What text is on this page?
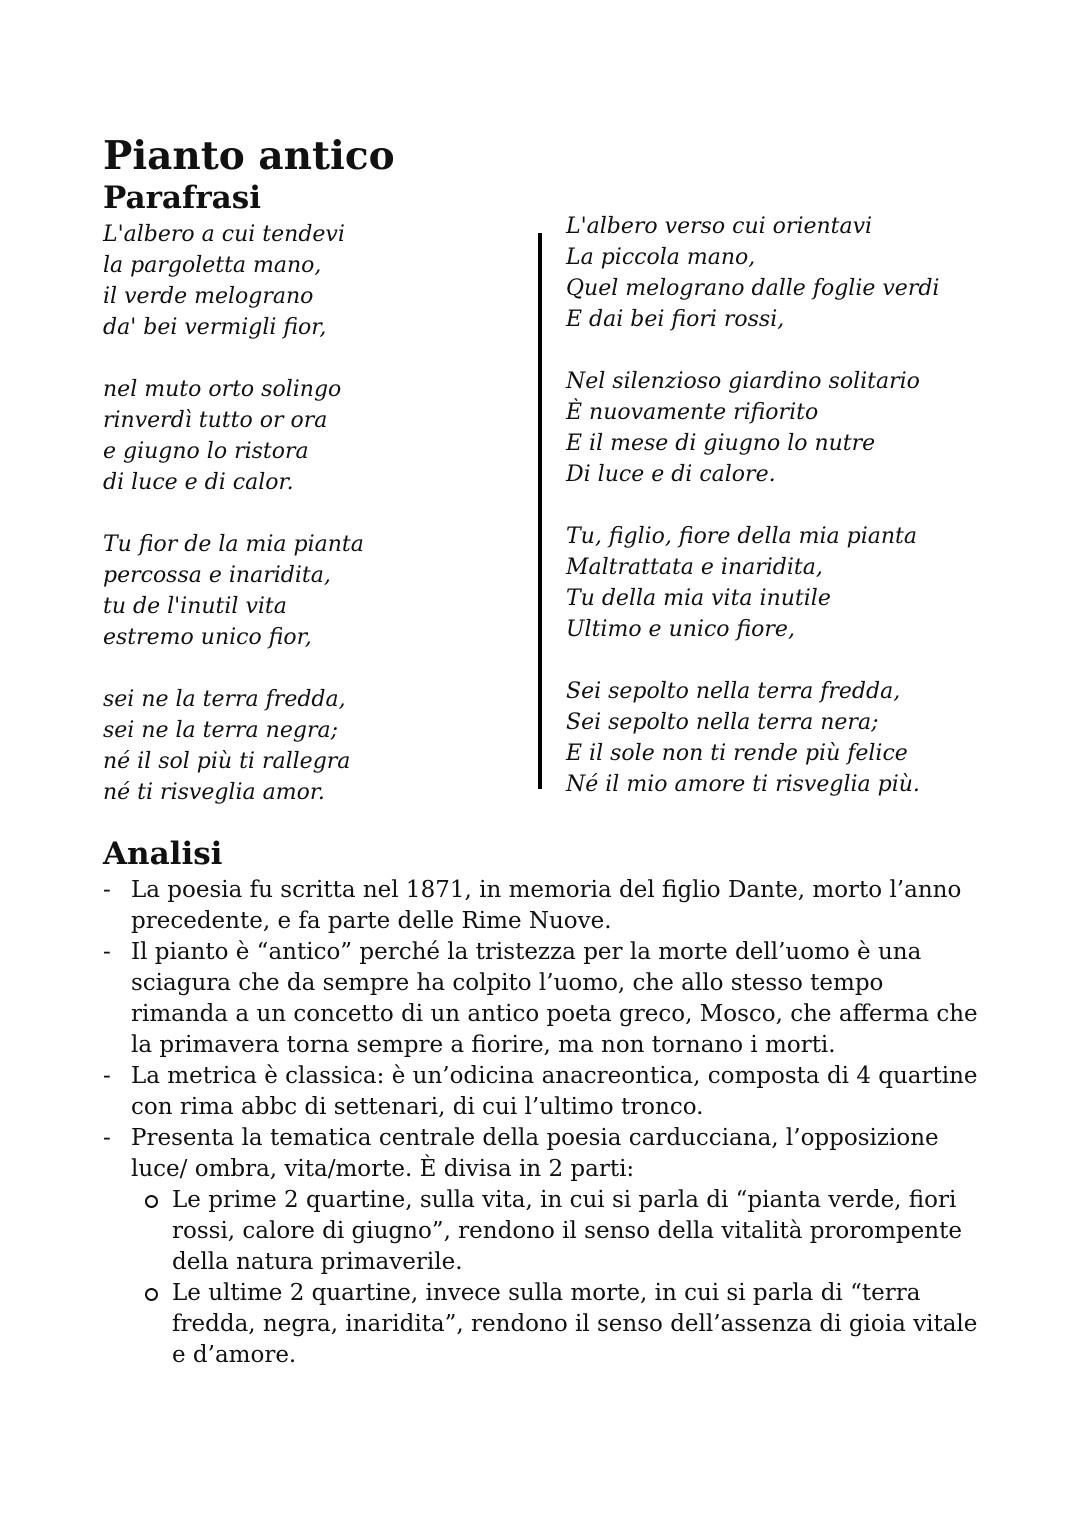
Pianto antico
Parafrasi

L'albero a cui tendevi
la pargoletta mano,
il verde melograno
da' bei vermigli fior,

nel muto orto solingo
rinverdì tutto or ora
e giugno lo ristora
di luce e di calor.

Tu fior de la mia pianta
percossa e inaridita,
tu de l'inutil vita
estremo unico fior,

sei ne la terra fredda,
sei ne la terra negra;
né il sol più ti rallegra
né ti risveglia amor.

L'albero verso cui orientavi
La piccola mano,
Quel melograno dalle foglie verdi
E dai bei fiori rossi,

Nel silenzioso giardino solitario
È nuovamente rifiorito
E il mese di giugno lo nutre
Di luce e di calore.

Tu, figlio, fiore della mia pianta
Maltrattata e inaridita,
Tu della mia vita inutile
Ultimo e unico fiore,

Sei sepolto nella terra fredda,
Sei sepolto nella terra nera;
E il sole non ti rende più felice
Né il mio amore ti risveglia più.

Analisi
- La poesia fu scritta nel 1871, in memoria del figlio Dante, morto l’anno precedente, e fa parte delle Rime Nuove.
- Il pianto è “antico” perché la tristezza per la morte dell’uomo è una sciagura che da sempre ha colpito l’uomo, che allo stesso tempo rimanda a un concetto di un antico poeta greco, Mosco, che afferma che la primavera torna sempre a fiorire, ma non tornano i morti.
- La metrica è classica: è un’odicina anacreontica, composta di 4 quartine con rima abbc di settenari, di cui l’ultimo tronco.
- Presenta la tematica centrale della poesia carducciana, l’opposizione luce/ ombra, vita/morte. È divisa in 2 parti:
Le prime 2 quartine, sulla vita, in cui si parla di “pianta verde, fiori rossi, calore di giugno”, rendono il senso della vitalità prorompente della natura primaverile.
Le ultime 2 quartine, invece sulla morte, in cui si parla di “terra fredda, negra, inaridita”, rendono il senso dell’assenza di gioia vitale e d’amore.
